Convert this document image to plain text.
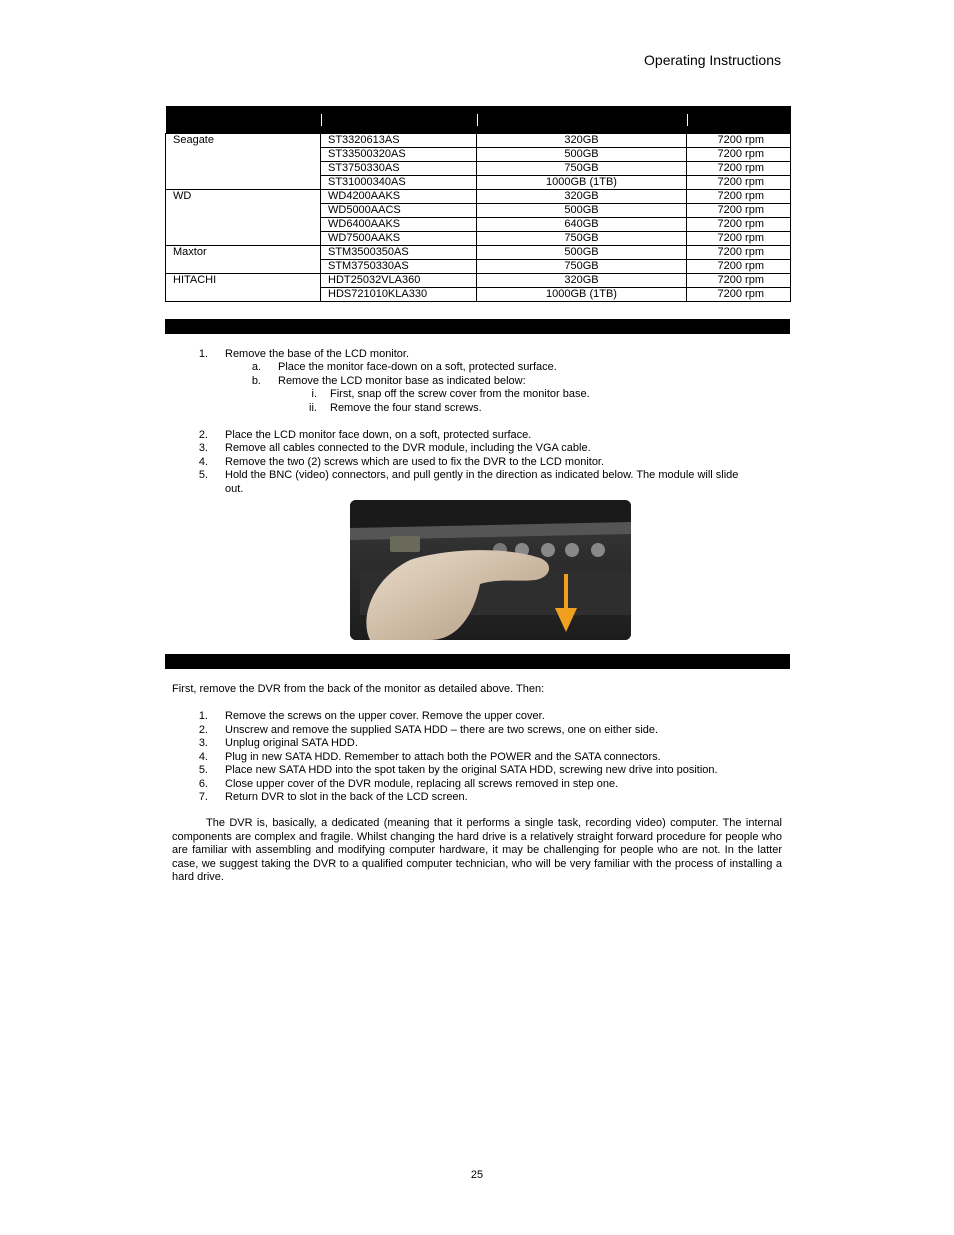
Operating Instructions

Seagate	ST3320613AS	320GB	7200 rpm
	ST33500320AS	500GB	7200 rpm
	ST3750330AS	750GB	7200 rpm
	ST31000340AS	1000GB (1TB)	7200 rpm
WD	WD4200AAKS	320GB	7200 rpm
	WD5000AACS	500GB	7200 rpm
	WD6400AAKS	640GB	7200 rpm
	WD7500AAKS	750GB	7200 rpm
Maxtor	STM3500350AS	500GB	7200 rpm
	STM3750330AS	750GB	7200 rpm
HITACHI	HDT25032VLA360	320GB	7200 rpm
	HDS721010KLA330	1000GB (1TB)	7200 rpm
1. Remove the base of the LCD monitor.
a. Place the monitor face-down on a soft, protected surface.
b. Remove the LCD monitor base as indicated below:
i. First, snap off the screw cover from the monitor base.
ii. Remove the four stand screws.
2. Place the LCD monitor face down, on a soft, protected surface.
3. Remove all cables connected to the DVR module, including the VGA cable.
4. Remove the two (2) screws which are used to fix the DVR to the LCD monitor.
5. Hold the BNC (video) connectors, and pull gently in the direction as indicated below. The module will slide
out.
First, remove the DVR from the back of the monitor as detailed above. Then:
1. Remove the screws on the upper cover. Remove the upper cover.
2. Unscrew and remove the supplied SATA HDD – there are two screws, one on either side.
3. Unplug original SATA HDD.
4. Plug in new SATA HDD. Remember to attach both the POWER and the SATA connectors.
5. Place new SATA HDD into the spot taken by the original SATA HDD, screwing new drive into position.
6. Close upper cover of the DVR module, replacing all screws removed in step one.
7. Return DVR to slot in the back of the LCD screen.
The DVR is, basically, a dedicated (meaning that it performs a single task, recording video) computer. The internal components are complex and fragile. Whilst changing the hard drive is a relatively straight forward procedure for people who are familiar with assembling and modifying computer hardware, it may be challenging for people who are not. In the latter case, we suggest taking the DVR to a qualified computer technician, who will be very familiar with the process of installing a hard drive.
25
